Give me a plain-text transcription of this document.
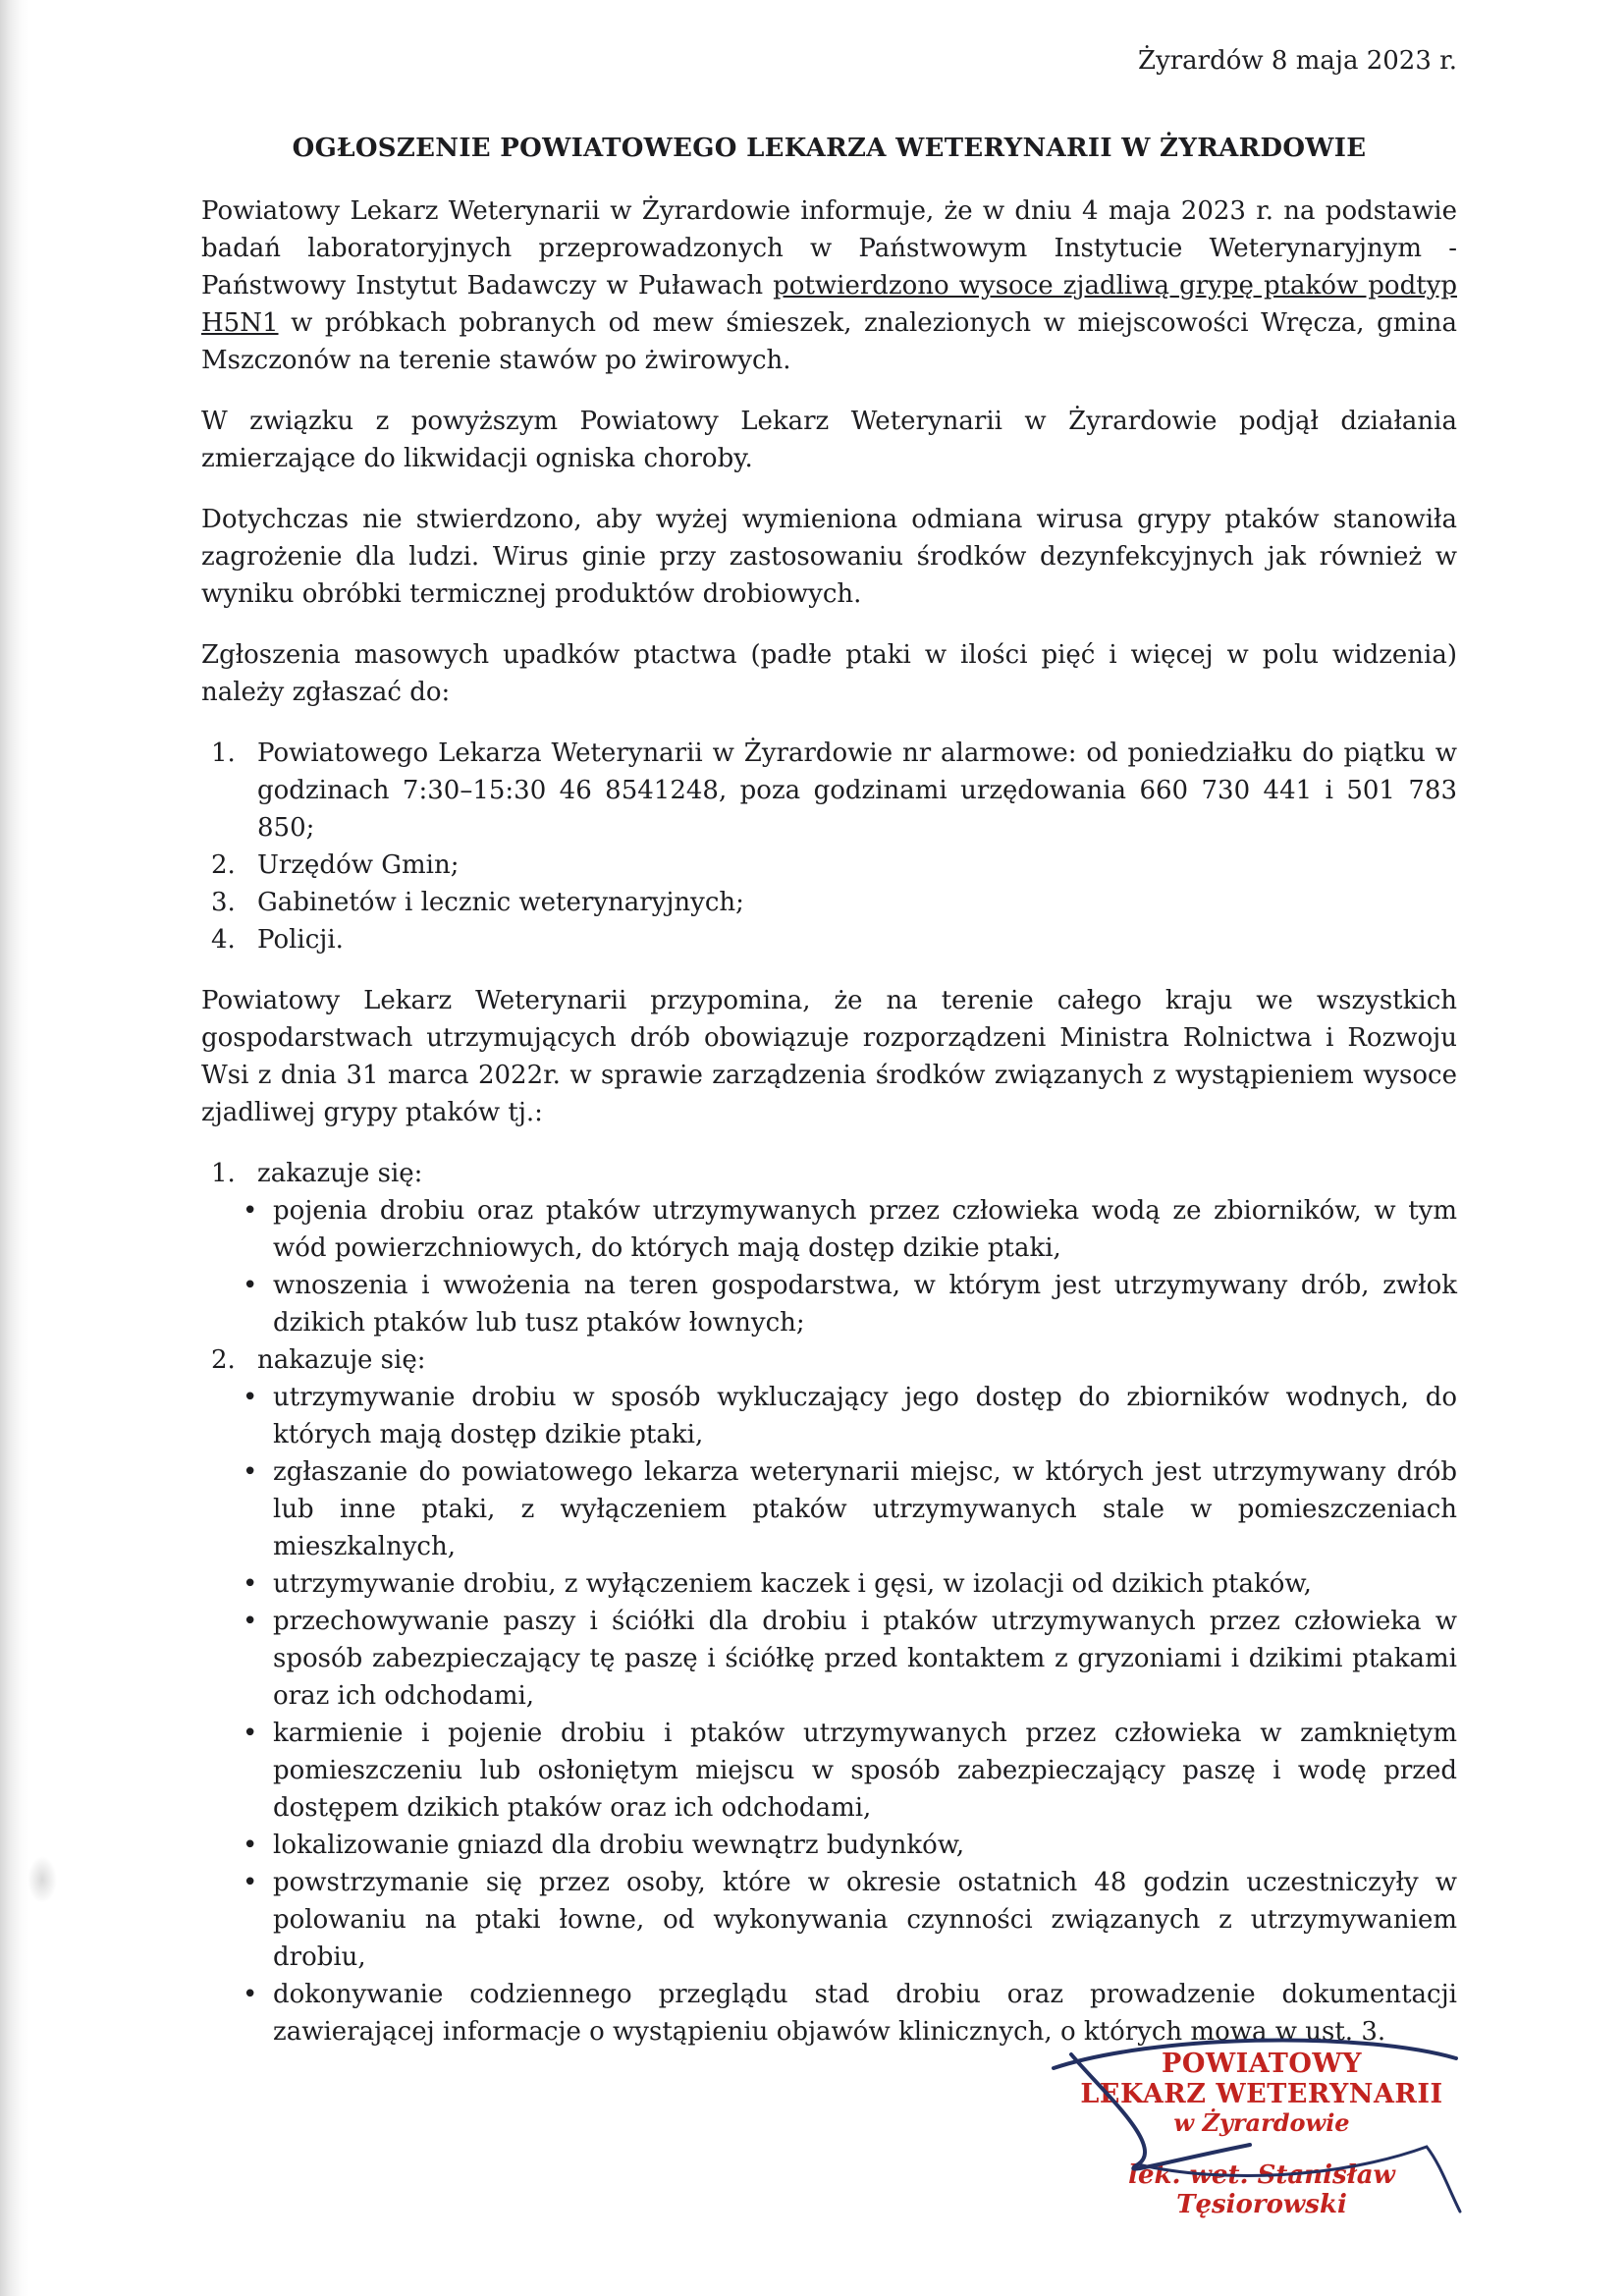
Żyrardów 8 maja 2023 r.
OGŁOSZENIE POWIATOWEGO LEKARZA WETERYNARII W ŻYRARDOWIE

Powiatowy Lekarz Weterynarii w Żyrardowie informuje, że w dniu 4 maja 2023 r. na podstawie badań laboratoryjnych przeprowadzonych w Państwowym Instytucie Weterynaryjnym - Państwowy Instytut Badawczy w Puławach potwierdzono wysoce zjadliwą grypę ptaków podtyp H5N1 w próbkach pobranych od mew śmieszek, znalezionych w miejscowości Wręcza, gmina Mszczonów na terenie stawów po żwirowych.

W związku z powyższym Powiatowy Lekarz Weterynarii w Żyrardowie podjął działania zmierzające do likwidacji ogniska choroby.

Dotychczas nie stwierdzono, aby wyżej wymieniona odmiana wirusa grypy ptaków stanowiła zagrożenie dla ludzi. Wirus ginie przy zastosowaniu środków dezynfekcyjnych jak również w wyniku obróbki termicznej produktów drobiowych.

Zgłoszenia masowych upadków ptactwa (padłe ptaki w ilości pięć i więcej w polu widzenia) należy zgłaszać do:

Powiatowego Lekarza Weterynarii w Żyrardowie nr alarmowe: od poniedziałku do piątku w godzinach 7:30–15:30 46 8541248, poza godzinami urzędowania 660 730 441 i 501 783 850;
Urzędów Gmin;
Gabinetów i lecznic weterynaryjnych;
Policji.

Powiatowy Lekarz Weterynarii przypomina, że na terenie całego kraju we wszystkich gospodarstwach utrzymujących drób obowiązuje rozporządzeni Ministra Rolnictwa i Rozwoju Wsi z dnia 31 marca 2022r. w sprawie zarządzenia środków związanych z wystąpieniem wysoce zjadliwej grypy ptaków tj.:

zakazuje się:
• pojenia drobiu oraz ptaków utrzymywanych przez człowieka wodą ze zbiorników, w tym wód powierzchniowych, do których mają dostęp dzikie ptaki,
• wnoszenia i wwożenia na teren gospodarstwa, w którym jest utrzymywany drób, zwłok dzikich ptaków lub tusz ptaków łownych;
nakazuje się:
• utrzymywanie drobiu w sposób wykluczający jego dostęp do zbiorników wodnych, do których mają dostęp dzikie ptaki,
• zgłaszanie do powiatowego lekarza weterynarii miejsc, w których jest utrzymywany drób lub inne ptaki, z wyłączeniem ptaków utrzymywanych stale w pomieszczeniach mieszkalnych,
• utrzymywanie drobiu, z wyłączeniem kaczek i gęsi, w izolacji od dzikich ptaków,
• przechowywanie paszy i ściółki dla drobiu i ptaków utrzymywanych przez człowieka w sposób zabezpieczający tę paszę i ściółkę przed kontaktem z gryzoniami i dzikimi ptakami oraz ich odchodami,
• karmienie i pojenie drobiu i ptaków utrzymywanych przez człowieka w zamkniętym pomieszczeniu lub osłoniętym miejscu w sposób zabezpieczający paszę i wodę przed dostępem dzikich ptaków oraz ich odchodami,
• lokalizowanie gniazd dla drobiu wewnątrz budynków,
• powstrzymanie się przez osoby, które w okresie ostatnich 48 godzin uczestniczyły w polowaniu na ptaki łowne, od wykonywania czynności związanych z utrzymywaniem drobiu,
• dokonywanie codziennego przeglądu stad drobiu oraz prowadzenie dokumentacji zawierającej informacje o wystąpieniu objawów klinicznych, o których mowa w ust. 3.
POWIATOWY
LEKARZ WETERYNARII
w Żyrardowie
lek. wet. Stanisław Tęsiorowski
